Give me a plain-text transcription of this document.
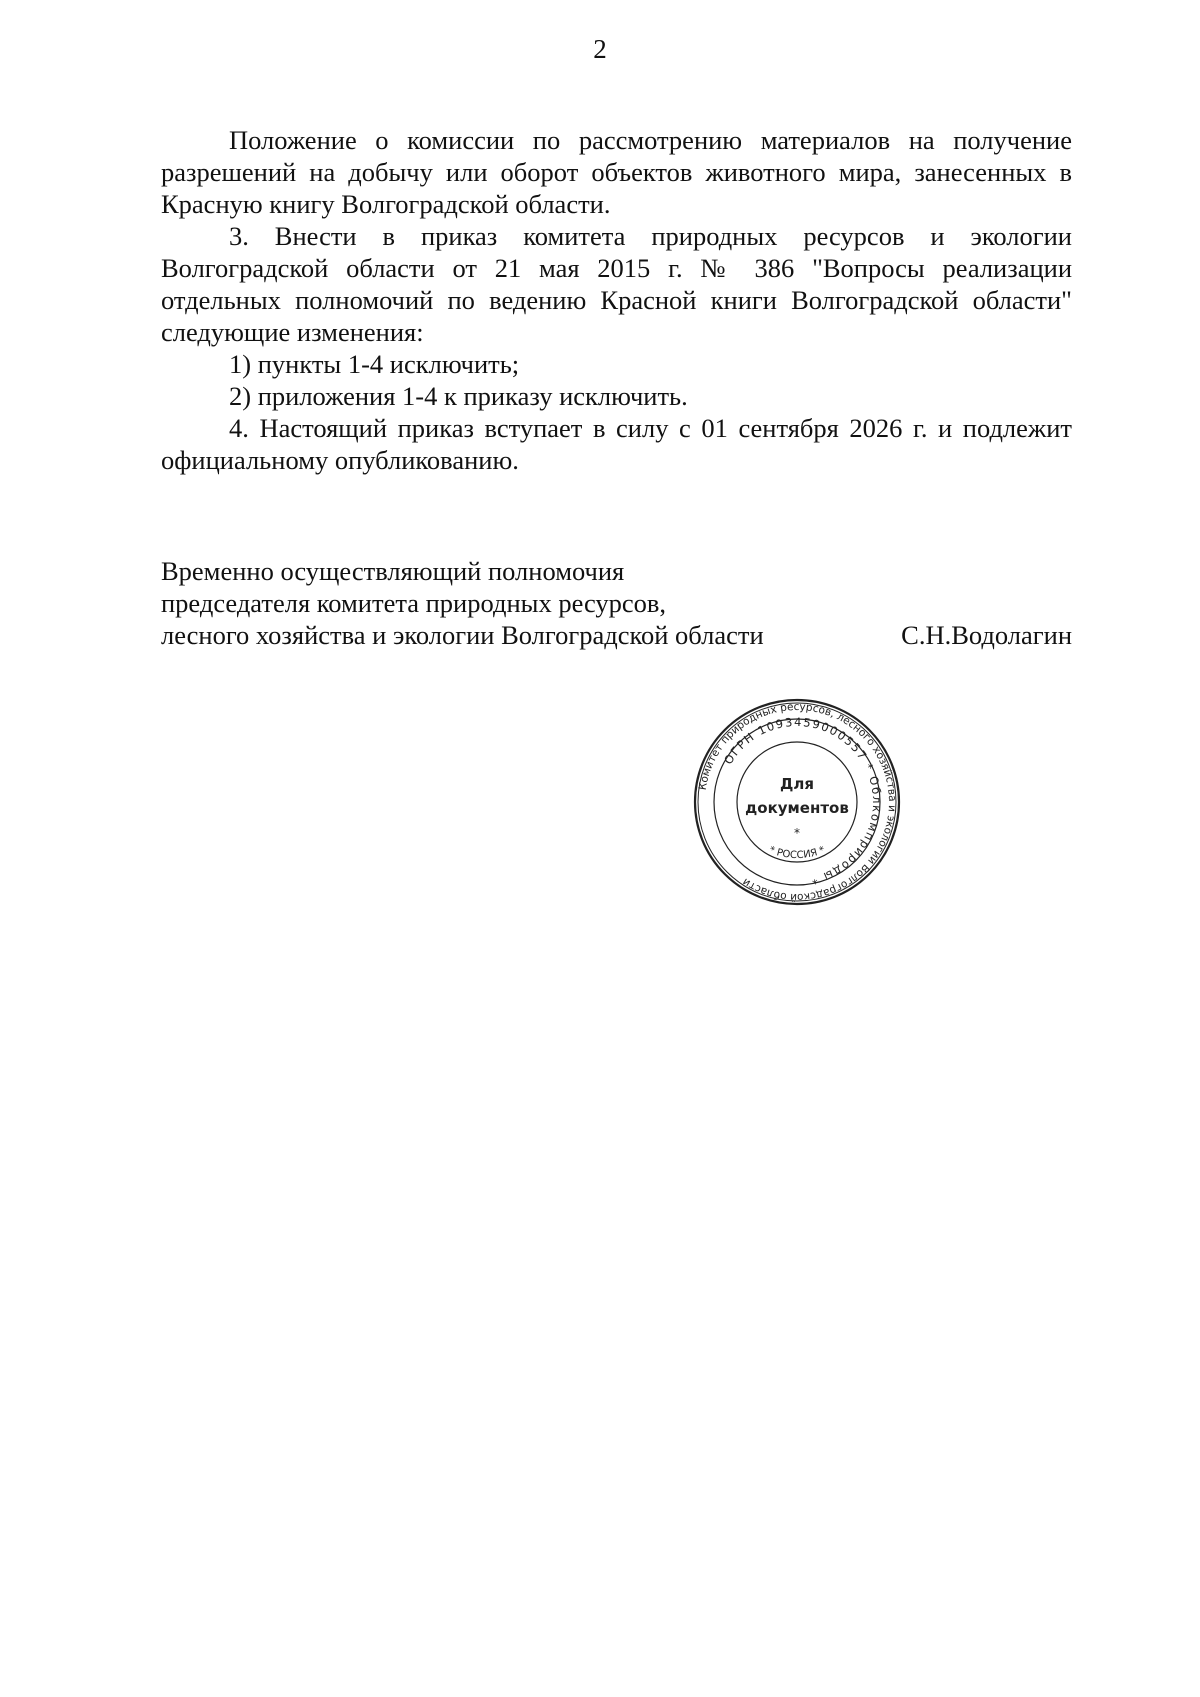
2

Положение о комиссии по рассмотрению материалов на получение разрешений на добычу или оборот объектов животного мира, занесенных в Красную книгу Волгоградской области.

3. Внести в приказ комитета природных ресурсов и экологии Волгоградской области от 21 мая 2015 г. № 386 "Вопросы реализации отдельных полномочий по ведению Красной книги Волгоградской области" следующие изменения:

1) пункты 1-4 исключить;

2) приложения 1-4 к приказу исключить.

4. Настоящий приказ вступает в силу с 01 сентября 2026 г. и подлежит официальному опубликованию.

Временно осуществляющий полномочия
председателя комитета природных ресурсов,
лесного хозяйства и экологии Волгоградской области	С.Н.Водолагин
Комитет природных ресурсов, лесного хозяйства и экологии Волгоградской области
ОГРН 1093459000557 * Облкомприроды *
* РОССИЯ *
Для
документов
*
